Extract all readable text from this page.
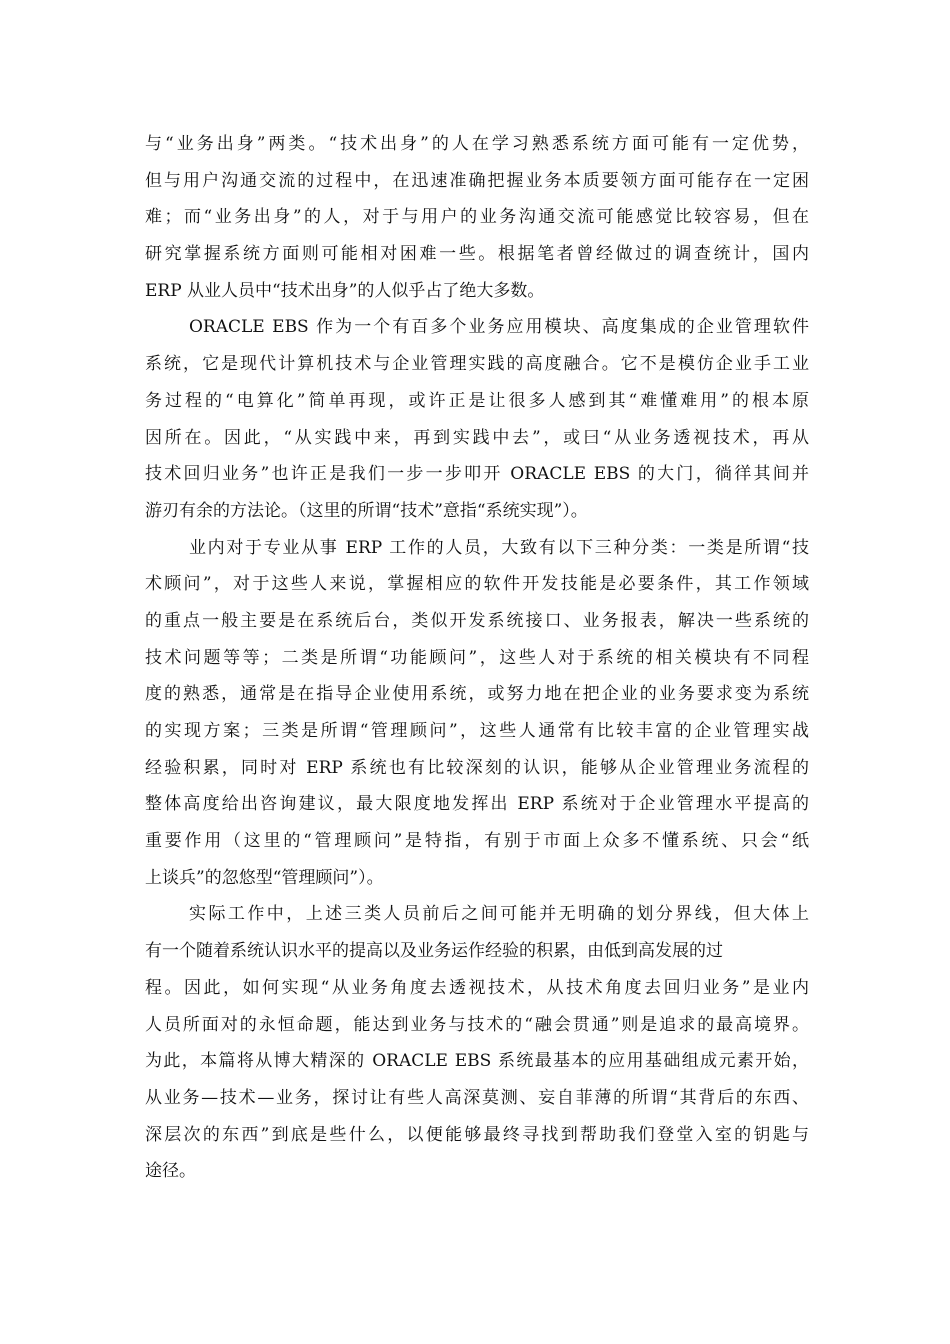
与“业务出身”两类。“技术出身”的人在学习熟悉系统方面可能有一定优势，
但与用户沟通交流的过程中，在迅速准确把握业务本质要领方面可能存在一定困
难；而“业务出身”的人，对于与用户的业务沟通交流可能感觉比较容易，但在
研究掌握系统方面则可能相对困难一些。根据笔者曾经做过的调查统计，国内
ERP 从业人员中“技术出身”的人似乎占了绝大多数。
ORACLE EBS 作为一个有百多个业务应用模块、高度集成的企业管理软件
系统，它是现代计算机技术与企业管理实践的高度融合。它不是模仿企业手工业
务过程的“电算化”简单再现，或许正是让很多人感到其“难懂难用”的根本原
因所在。因此，“从实践中来，再到实践中去”，或曰“从业务透视技术，再从
技术回归业务”也许正是我们一步一步叩开 ORACLE EBS 的大门，徜徉其间并
游刃有余的方法论。（这里的所谓“技术”意指“系统实现”）。
业内对于专业从事 ERP 工作的人员，大致有以下三种分类：一类是所谓“技
术顾问”，对于这些人来说，掌握相应的软件开发技能是必要条件，其工作领域
的重点一般主要是在系统后台，类似开发系统接口、业务报表，解决一些系统的
技术问题等等；二类是所谓“功能顾问”，这些人对于系统的相关模块有不同程
度的熟悉，通常是在指导企业使用系统，或努力地在把企业的业务要求变为系统
的实现方案；三类是所谓“管理顾问”，这些人通常有比较丰富的企业管理实战
经验积累，同时对 ERP 系统也有比较深刻的认识，能够从企业管理业务流程的
整体高度给出咨询建议，最大限度地发挥出 ERP 系统对于企业管理水平提高的
重要作用（这里的“管理顾问”是特指，有别于市面上众多不懂系统、只会“纸
上谈兵”的忽悠型“管理顾问”）。
实际工作中，上述三类人员前后之间可能并无明确的划分界线，但大体上
有一个随着系统认识水平的提高以及业务运作经验的积累，由低到高发展的过
程。因此，如何实现“从业务角度去透视技术，从技术角度去回归业务”是业内
人员所面对的永恒命题，能达到业务与技术的“融会贯通”则是追求的最高境界。
为此，本篇将从博大精深的 ORACLE EBS 系统最基本的应用基础组成元素开始，
从业务—技术—业务，探讨让有些人高深莫测、妄自菲薄的所谓“其背后的东西、
深层次的东西”到底是些什么，以便能够最终寻找到帮助我们登堂入室的钥匙与
途径。
